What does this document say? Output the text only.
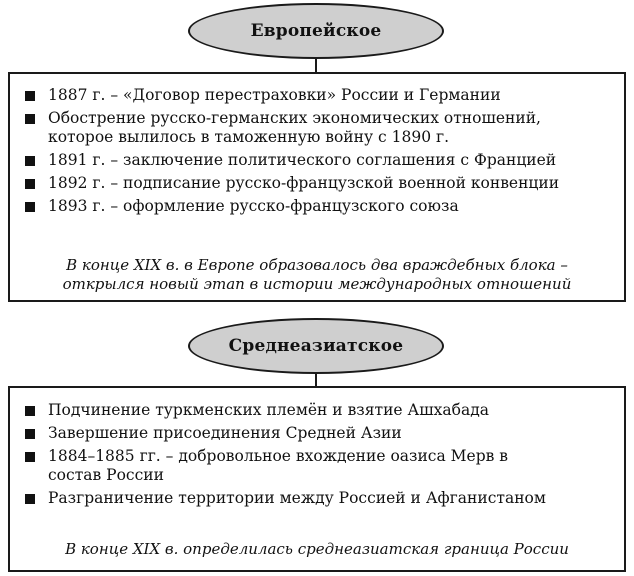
Европейское
1887 г. – «Договор перестраховки» России и Германии
Обострение русско-германских экономических отношений, которое вылилось в таможенную войну с 1890 г.
1891 г. – заключение политического соглашения с Францией
1892 г. – подписание русско-французской военной конвенции
1893 г. – оформление русско-французского союза
В конце XIX в. в Европе образовалось два враждебных блока –
открылся новый этап в истории международных отношений
Среднеазиатское
Подчинение туркменских племён и взятие Ашхабада
Завершение присоединения Средней Азии
1884–1885 гг. – добровольное вхождение оазиса Мерв в состав России
Разграничение территории между Россией и Афганистаном
В конце XIX в. определилась среднеазиатская граница России
